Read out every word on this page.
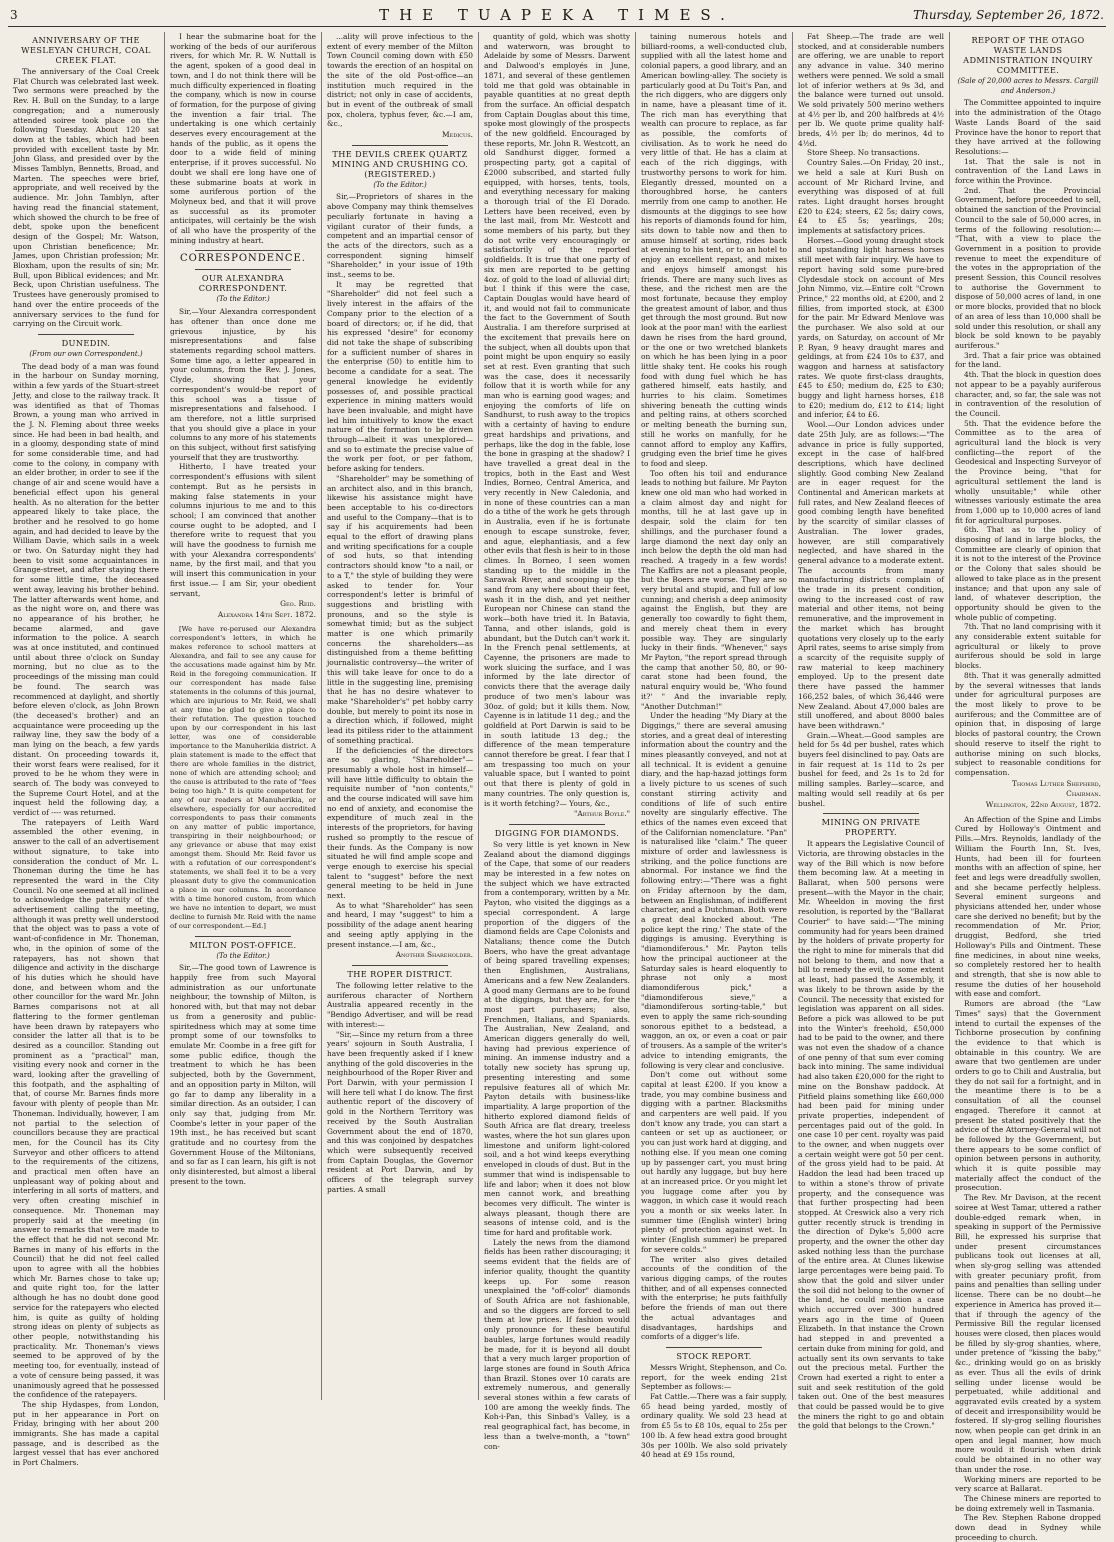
3	THE TUAPEKA TIMES.	Thursday, September 26, 1872.
ANNIVERSARY OF THE WESLEYAN CHURCH, COAL CREEK FLAT.

The anniversary of the Coal Creek Flat Church was celebrated last week. Two sermons were preached by the Rev. H. Bull on the Sunday, to a large congregation; and a numerously attended soiree took place on the following Tuesday. About 120 sat down at the tables, which had been provided with excellent taste by Mr. John Glass, and presided over by the Misses Tamblyn, Bennetts, Broad, and Marten. The speeches were brief, appropriate, and well received by the audience. Mr. John Tamblyn, after having read the financial statement, which showed the church to be free of debt, spoke upon the beneficent design of the Gospel; Mr. Watson, upon Christian beneficence; Mr. James, upon Christian profession; Mr. Bloxham, upon the results of sin; Mr. Bull, upon Biblical evidences; and Mr. Beck, upon Christian usefulness. The Trustees have generously promised to hand over the entire proceeds of the anniversary services to the fund for carrying on the Circuit work.

DUNEDIN.
(From our own Correspondent.)

The dead body of a man was found in the harbour on Sunday morning, within a few yards of the Stuart-street Jetty, and close to the railway track. It was identified as that of Thomas Brown, a young man who arrived in the J. N. Fleming about three weeks since. He had been in bad health, and in a gloomy, desponding state of mind for some considerable time, and had come to the colony, in company with an elder brother, in order to see if the change of air and scene would have a beneficial effect upon his general health. As no alteration for the better appeared likely to take place, the brother and he resolved to go home again, and had decided to leave by the William Davie, which sails in a week or two. On Saturday night they had been to visit some acquaintances in Grange-street, and after staying there for some little time, the deceased went away, leaving his brother behind. The latter afterwards went home, and as the night wore on, and there was no appearance of his brother, he became alarmed, and gave information to the police. A search was at once instituted, and continued until about three o'clock on Sunday morning, but no clue as to the proceedings of the missing man could be found. The search was recommenced at daylight, and shortly before eleven o'clock, as John Brown (the deceased's brother) and an acquaintance were proceeding up the railway line, they saw the body of a man lying on the beach, a few yards distant. On proceeding towards it, their worst fears were realised, for it proved to be he whom they were in search of. The body was conveyed to the Supreme Court Hotel, and at the inquest held the following day, a verdict of ---- was returned.

The ratepayers of Leith Ward assembled the other evening, in answer to the call of an advertisement without signature, to take into consideration the conduct of Mr. L. Thoneman during the time he has represented the ward in the City Council. No one seemed at all inclined to acknowledge the paternity of the advertisement calling the meeting, although it was pretty well understood that the object was to pass a vote of want-of-confidence in Mr. Thoneman, who, in the opinion of some of the ratepayers, has not shown that diligence and activity in the discharge of his duties which he should have done, and between whom and the other councillor for the ward Mr. John Barnes comparisons not at all flattering to the former gentleman have been drawn by ratepayers who consider the latter all that is to be desired as a councillor. Standing out prominent as a "practical" man, visiting every nook and corner in the ward, looking after the gravelling of this footpath, and the asphalting of that, of course Mr. Barnes finds more favour with plenty of people than Mr. Thoneman. Individually, however, I am not partial to the selection of councillors because they are practical men, for the Council has its City Surveyor and other officers to attend to the requirements of the citizens, and practical men often have an unpleasant way of poking about and interfering in all sorts of matters, and very often creating mischief in consequence. Mr. Thoneman may properly said at the meeting (in answer to remarks that were made to the effect that he did not second Mr. Barnes in many of his efforts in the Council) that he did not feel called upon to agree with all the hobbies which Mr. Barnes chose to take up; and quite right too, for the latter although he has no doubt done good service for the ratepayers who elected him, is quite as guilty of holding strong ideas on plenty of subjects as other people, notwithstanding his practicality. Mr. Thoneman's views seemed to be approved of by the meeting too, for eventually, instead of a vote of censure being passed, it was unanimously agreed that he possessed the confidence of the ratepayers.

The ship Hydaspes, from London, put in her appearance in Port on Friday, bringing with her about 200 immigrants. She has made a capital passage, and is described as the largest vessel that has ever anchored in Port Chalmers.

I hear the submarine boat for the working of the beds of our auriferous rivers, for which Mr. R. W. Nuttall is the agent, spoken of a good deal in town, and I do not think there will be much difficulty experienced in floating the company, which is now in course of formation, for the purpose of giving the invention a fair trial. The undertaking is one which certainly deserves every encouragement at the hands of the public, as it opens the door to a wide field of mining enterprise, if it proves successful. No doubt we shall ere long have one of these submarine boats at work in some auriferous portion of the Molyneux bed, and that it will prove as successful as its promoter anticipates, will certainly be the wish of all who have the prosperity of the mining industry at heart.

CORRESPONDENCE.
OUR ALEXANDRA CORRESPONDENT.
(To the Editor.)

Sir,—Your Alexandra correspondent has oftener than once done me grievous injustice, by his misrepresentations and false statements regarding school matters. Some time ago, a letter appeared in your columns, from the Rev. J. Jones, Clyde, showing that your correspondent's would-be report of this school was a tissue of misrepresentations and falsehood. I am therefore, not a little surprised that you should give a place in your columns to any more of his statements on this subject, without first satisfying yourself that they are trustworthy.

Hitherto, I have treated your correspondent's effusions with silent contempt. But as he persists in making false statements in your columns injurious to me and to this school; I am convinced that another course ought to be adopted, and I therefore write to request that you will have the goodness to furnish me with your Alexandra correspondents' name, by the first mail, and that you will insert this communication in your first issue.— I am Sir, your obedient servant,

Geo. Reid.
Alexandra 14th Sept. 1872.

[We have re-perused our Alexandra correspondent's letters, in which he makes reference to school matters at Alexandra, and fail to see any cause for the accusations made against him by Mr. Reid in the foregoing communication. If our correspondent has made false statements in the columns of this journal, which are injurious to Mr. Reid, we shall at any time be glad to give a place to their refutation. The question touched upon by our correspondent in his last letter, was one of considerable importance to the Manuherikia district. A plain statement is made to the effect that there are whole families in the district, none of which are attending school; and the cause is attributed to the rate of "fees being too high." It is quite competent for any of our readers at Manuherikia, or elsewhere, especially for our accredited correspondents to pass their comments on any matter of public importance, transpiring in their neighbourhood; or any grievance or abuse that may exist amongst them. Should Mr. Reid favor us with a refutation of our correspondent's statements, we shall feel it to be a very pleasant duty to give the communication a place in our columns. In accordance with a time honored custom, from which we have no intention to depart, we must decline to furnish Mr. Reid with the name of our correspondent.—Ed.]

MILTON POST-OFFICE.
(To the Editor.)

Sir,—The good town of Lawrence is happily free from such Mayoral administration as our unfortunate neighbour, the township of Milton, is honored with, but that may not debar us from a generosity and public-spiritedness which may at some time prompt some of our townsfolks to emulate Mr. Coombe in a free gift for some public edifice, though the treatment to which he has been subjected, both by the Government, and an opposition party in Milton, will go far to damp any liberality in a similar direction. As an outsider, I can only say that, judging from Mr. Coombe's letter in your paper of the 19th inst., he has received but scant gratitude and no courtesy from the Government House of the Miltonians, and so far as I can learn, his gift is not only disinterested, but almost a liberal present to the town.

...ality will prove infectious to the extent of every member of the Milton Town Council coming down with £50 towards the erection of an hospital on the site of the old Post-office—an institution much required in the district; not only in case of accidents, but in event of the outbreak of small pox, cholera, typhus fever, &c.—I am, &c.,

Medicus.
THE DEVILS CREEK QUARTZ MINING AND CRUSHING CO. (REGISTERED.)
(To the Editor.)

Sir,—Proprietors of shares in the above Company may think themselves peculiarly fortunate in having a vigilant curator of their funds, a competent and an impartial censor of the acts of the directors, such as a correspondent signing himself "Shareholder," in your issue of 19th inst., seems to be.

It may be regretted that "Shareholder" did not feel such a lively interest in the affairs of the Company prior to the election of a board of directors; or, if he did, that his expressed "desire" for economy did not take the shape of subscribing for a sufficient number of shares in the enterprise (50) to entitle him to become a candidate for a seat. The general knowledge he evidently possesses of, and possible practical experience in mining matters would have been invaluable, and might have led him intuitively to know the exact nature of the formation to be driven through—albeit it was unexplored—and so to estimate the precise value of the work per foot, or per fathom, before asking for tenders.

"Shareholder" may be something of an architect also, and in this branch, likewise his assistance might have been acceptable to his co-directors and useful to the Company—that is to say if his acquirements had been equal to the effort of drawing plans and writing specifications for a couple of sod huts, so that intending contractors should know "to a nail, or to a T," the style of building they were asked to tender for. Your correspondent's letter is brimful of suggestions and bristling with pronouns, and so the style is somewhat timid; but as the subject matter is one which primarily concerns the shareholders—as distinguished from a theme befitting journalistic controversy—the writer of this will take leave for once to do a little in the suggesting line, premising that he has no desire whatever to make "Shareholder's" pet hobby carry double, but merely to point its nose in a direction which, if followed, might lead its pitiless rider to the attainment of something practical.

If the deficiencies of the directors are so glaring, "Shareholder"—presumably a whole host in himself—will have little difficulty to obtain the requisite number of "non contents," and the course indicated will save him no end of anxiety, and economise the expenditure of much zeal in the interests of the proprietors, for having rushed so promptly to the rescue of their funds. As the Company is now situated he will find ample scope and verge enough to exercise his special talent to "suggest" before the next general meeting to be held in June next.

As to what "Shareholder" has seen and heard, I may "suggest" to him a possibility of the adage anent hearing and seeing aptly applying in the present instance.—I am, &c.,

Another Shareholder.
THE ROPER DISTRICT.

The following letter relative to the auriferous character of Northern Australia appeared recently in the "Bendigo Advertiser, and will be read with interest:—

"Sir,—Since my return from a three years' sojourn in South Australia, I have been frequently asked if I knew anything of the gold discoveries in the neighbourhood of the Roper River and Port Darwin, with your permission I will here tell what I do know. The first authentic report of the discovery of gold in the Northern Territory was received by the South Australian Government about the end of 1870, and this was conjoined by despatches which were subsequently received from Captain Douglas, the Governor resident at Port Darwin, and by officers of the telegraph survey parties. A small

quantity of gold, which was shotty and waterworn, was brought to Adelaide by some of Messrs. Darwent and Dalwood's employés in June, 1871, and several of these gentlemen told me that gold was obtainable in payable quantities at no great depth from the surface. An official despatch from Captain Douglas about this time, spoke most glowingly of the prospects of the new goldfield. Encouraged by these reports, Mr. John R. Westcott, an old Sandhurst digger, formed a prospecting party, got a capital of £2000 subscribed, and started fully equipped, with horses, tents, tools, and everything necessary for making a thorough trial of the El Dorado. Letters have been received, even by the last mail, from Mr. Westcott and some members of his party, but they do not write very encouragingly or satisfactorily of the reported goldfields. It is true that one party of six men are reported to be getting 4oz. of gold to the load of alluvial dirt; but I think if this were the case, Captain Douglas would have heard of it, and would not fail to communicate the fact to the Government of South Australia. I am therefore surprised at the excitement that prevails here on the subject, when all doubts upon that point might be upon enquiry so easily set at rest. Even granting that such was the case, does it necessarily follow that it is worth while for any man who is earning good wages; and enjoying the comforts of life on Sandhurst, to rush away to the tropics with a certainty of having to endure great hardships and privations, and perhaps, like the dog in the fable, lose the bone in grasping at the shadow? I have travelled a great deal in the tropics, both in the East and West Indies, Borneo, Central America, and very recently in New Caledonia, and in none of these countries can a man do a tithe of the work he gets through in Australia, even if he is fortunate enough to escape sunstroke, fever, and ague, elephantiasis, and a few other evils that flesh is heir to in those climes. In Borneo, I seen women standing up to the middle in the Sarawak River, and scooping up the sand from any where about their feet, wash it in the dish, and yet neither European nor Chinese can stand the work—both have tried it. In Batavia, Tanna, and other islands, gold is abundant, but the Dutch can't work it. In the French penal settlements, at Cayenne, the prisoners are made to work sluicing the surface, and I was informed by the late director of convicts there that the average daily produce of two men's labour was 30oz. of gold; but it kills them. Now, Cayenne is in latitude 11 deg.; and the goldfield at Port Darwin is said to be in south latitude 13 deg.; the difference of the mean temperature cannot therefore be great. I fear that I am trespassing too much on your valuable space, but I wanted to point out that there is plenty of gold in many countries. The only question is, is it worth fetching?— Yours, &c.,

"Arthur Boyle."
DIGGING FOR DIAMONDS.

So very little is yet known in New Zealand about the diamond diggings of the Cape, that some of our readers may be interested in a few notes on the subject which we have extracted from a contemporary, written by a Mr. Payton, who visited the diggings as a special correspondent. A large proportion of the diggers of the diamond fields are Cape Colonists and Natalians; thence come the Dutch Boers, who have the great advantage of being spared travelling expenses; then Englishmen, Australians, Americans and a few New Zealanders. A good many Germans are to be found at the diggings, but they are, for the most part purchasers; also, Frenchmen, Italians, and Spaniards. The Australian, New Zealand, and American diggers generally do well, having had previous experience of mining. An immense industry and a totally new society has sprung up, presenting interesting and some repulsive features all of which Mr. Payton details with business-like impartiality. A large proportion of the hitherto explored diamond fields of South Africa are flat dreary, treeless wastes, where the hot sun glares upon limestone and uniform light-colored soil, and a hot wind keeps everything enveloped in clouds of dust. But in the summer that wind is indispensable to life and labor; when it does not blow men cannot work, and breathing becomes very difficult. The winter is always pleasant, though there are seasons of intense cold, and is the time for hard and profitable work.

Lately the news from the diamond fields has been rather discouraging; it seems evident that the fields are of inferior quality, thought the quantity keeps up. For some reason unexplained the "off-color" diamonds of South Africa are not fashionable, and so the diggers are forced to sell them at low prices. If fashion would only pronounce for these beautiful baubles, large fortunes would readily be made, for it is beyond all doubt that a very much larger proportion of large stones are found in South Africa than Brazil. Stones over 10 carats are extremely numerous, and generally several stones within a few carats of 100 are among the weekly finds. The Koh-i-Pan, this Sinbad's Valley, is a real geographical fact, has become, in less than a twelve-month, a "town" con-

taining numerous hotels and billiard-rooms, a well-conducted club, supplied with all the latest home and colonial papers, a good library, and an American bowling-alley. The society is particularly good at Du Toit's Pan, and the rich diggers, who are diggers only in name, have a pleasant time of it. The rich man has everything that wealth can procure to replace, as far as possible, the comforts of civilisation. As to work he need do very little of that. He has a claim at each of the rich diggings, with trustworthy persons to work for him. Elegantly dressed, mounted on a thoroughbred horse, he canters merrily from one camp to another. He dismounts at the diggings to see how his reports of diamonds found for him, sits down to table now and then to amuse himself at sorting, rides back at evening to his tent, or to an hotel to enjoy an excellent repast, and mixes and enjoys himself amongst his friends. There are many such lives as these, and the richest men are the most fortunate, because they employ the greatest amount of labor, and thus get through the most ground. But now look at the poor man! with the earliest dawn he rises from the hard ground, or the one or two wretched blankets on which he has been lying in a poor little shaky tent. He cooks his rough food with dung fuel which he has gathered himself, eats hastily, and hurries to his claim. Sometimes shivering beneath the cutting winds and pelting rains, at others scorched or melting beneath the burning sun, still he works on manfully, for he cannot afford to employ any Kaffirs, grudging even the brief time he gives to food and sleep.

Too often his toil and endurance leads to nothing but failure. Mr Payton knew one old man who had worked in a claim almost day and night for months, till he at last gave up in despair, sold the claim for ten shillings, and the purchaser found a large diamond the next day only an inch below the depth the old man had reached. A tragedy in a few words! The Kaffirs are not a pleasant people, but the Boers are worse. They are so very brutal and stupid, and full of low cunning; and cherish a deep animosity against the English, but they are generally too cowardly to fight them, and merely cheat them in every possible way. They are singularly lucky in their finds. "Whenever," says Mr Payton, "the report spread through the camp that another 50, 80, or 90-carat stone had been found, the natural enquiry would be, 'Who found it?' " And the invariable reply, "Another Dutchman!"

Under the heading "My Diary at the Diggings," there are several amusing stories, and a great deal of interesting information about the country and the mines pleasantly conveyed, and not at all technical. It is evident a genuine diary, and the hap-hazad jottings form a lively picture to us scenes of such constant stirring activity and conditions of life of such entire novelty are singularly effective. The ethics of the names even exceed that of the Californian nomenclature. "Pan" is naturalised like "claim." The queer mixture of order and lawlessness is striking, and the police functions are abnormal. For instance we find the following entry:—"There was a fight on Friday afternoon by the dam, between an Englishman, of indifferent character, and a Dutchman. Both were a great deal knocked about. 'The police kept the ring.' The state of the diggings is amusing. Everything is "diamondiferous." Mr. Payton tells how the principal auctioneer at the Saturday sales is heard eloquently to phrase not only a most diamondiferous pick," a "diamondiferous sieve," a "diamondiferous sorting-table," but even to apply the same rich-sounding sonorous epithet to a bedstead, a waggon, an ox, or even a coat or pair of trousers. As a sample of the writer's advice to intending emigrants, the following is very clear and conclusive.

Don't come out without some capital at least £200. If you know a trade, you may combine business and digging with a partner. Blacksmiths and carpenters are well paid. If you don't know any trade, you can start a canteen or set up as auctioneer, or you can just work hard at digging, and nothing else. If you mean one coming up by passenger cart, you must bring out hardly any luggage, but buy here at an increased price. Or you might let you luggage come after you by waggon, in which case it would reach you a month or six weeks later. In summer time (English winter) bring plenty of protection against wet. In winter (English summer) be prepared for severe colds."

The writer also gives detailed accounts of the condition of the various digging camps, of the routes thither, and of all expenses connected with the enterprise; he puts faithfully before the friends of man out there the actual advantages and disadvantages, hardships and comforts of a digger's life.

STOCK REPORT.

Messrs Wright, Stephenson, and Co. report, for the week ending 21st September as follows:—

Fat Cattle.—There was a fair supply, 65 head being yarded, mostly of ordinary quality. We sold 23 head at from £5 5s to £8 10s, equal to 25s per 100 lb. A few head extra good brought 30s per 100lb. We also sold privately 40 head at £9 15s round,

Fat Sheep.—The trade are well stocked, and at considerable numbers are offering, we are unable to report any advance in value. 340 merino wethers were penned. We sold a small lot of inferior wethers at 9s 3d, and the balance were turned out unsold. We sold privately 500 merino wethers at 4½ per lb, and 200 halfbreds at 4½ per lb. We quote prime quality half-breds, 4½ per lb; do merinos, 4d to 4½d.

Store Sheep. No transactions.

Country Sales.—On Friday, 20 inst., we held a sale at Kuri Bush on account of Mr Richard Irvine, and everything was disposed of at full rates. Light draught horses brought £20 to £24; steers, £2 5s; dairy cows, £4 to £5 5s; yearlings, 20s; implements at satisfactory prices.

Horses.—Good young draught stock and upstanding light harness horses still meet with fair inquiry. We have to report having sold some pure-bred Clydesdale stock on account of Mrs John Nimmo, viz.—Entire colt "Crown Prince," 22 months old, at £200, and 2 fillies, from imported stock, at £300 for the pair. Mr Edward Menlove was the purchaser. We also sold at our yards, on Saturday, on account of Mr P. Ryan, 9 heavy draught mares and geldings, at from £24 10s to £37, and waggon and harness at satisfactory rates. We quote first-class draughts, £45 to £50; medium do, £25 to £30; buggy and light harness horses, £18 to £20; medium do, £12 to £14; light and inferior, £4 to £6.

Wool.—Our London advices under date 25th July, are as follows:—"The advance in price is fully supported, except in the case of half-bred descriptions, which have declined slightly. Good combing New Zealand are in eager request for the Continental and American markets at full rates, and New Zealand fleeces of good combing length have benefited by the scarcity of similar classes of Australian. The lower grades, however, are still comparatively neglected, and have shared in the general advance to a moderate extent. The accounts from many manufacturing districts complain of the trade in its present condition, owing to the increased cost of raw material and other items, not being remunerative, and the improvement in the market which has brought quotations very closely up to the early April rates, seems to arise simply from a scarcity of the requisite supply of raw material to keep machinery employed. Up to the present date there have passed the hammer 166,252 bales, of which 36,446 were New Zealand. About 47,000 bales are still unoffered, and about 8000 bales have been withdrawn."

Grain.—Wheat.—Good samples are held for 5s 4d per bushel, rates which buyers feel disinclined to pay. Oats are in fair request at 1s 11d to 2s per bushel for feed, and 2s 1s to 2d for milling samples. Barley—scarce, and malting would sell readily at 6s per bushel.

MINING ON PRIVATE PROPERTY.

It appears the Legislative Council of Victoria, are throwing obstacles in the way of the Bill which is now before them becoming law. At a meeting in Ballarat, when 500 persons were present—with the Mayor in the chair, Mr. Wheeldon in moving the first resolution, is reported by the "Ballarat Courier" to have said:—"The mining community had for years been drained by the holders of private property for the right to mine for minerals that did not belong to them, and now that a bill to remedy the evil, to some extent at least, had passed the Assembly, it was likely to be thrown aside by the Council. The necessity that existed for legislation was apparent on all sides. Before a pick was allowed to be put into the Winter's freehold, £50,000 had to be paid to the owner, and there was not even the shadow of a chance of one penny of that sum ever coming back into mining. The same individual had also taken £20,000 for the right to mine on the Bonshaw paddock. At Pitfield plains something like £60,000 had been paid for mining under private properties, independent of percentages paid out of the gold. In one case 10 per cent. royalty was paid to the owner, and when nuggets over a certain weight were got 50 per cent. of the gross yield had to be paid. At Haddon the lead had been traced up to within a stone's throw of private property, and the consequence was that further prospecting had been stopped. At Creswick also a very rich gutter recently struck is trending in the direction of Dyke's 5,000 acre property, and the owner the other day asked nothing less than the purchase of the entire area. At Clunes likewise large percentages were being paid. To show that the gold and silver under the soil did not belong to the owner of the land, he could mention a case which occurred over 300 hundred years ago in the time of Queen Elizabeth. In that instance the Crown had stepped in and prevented a certain duke from mining for gold, and actually sent its own servants to take out the precious metal. Further the Crown had exerted a right to enter a suit and seek restitution of the gold taken out. One of the best measures that could be passed would be to give the miners the right to go and obtain the gold that belongs to the Crown."

REPORT OF THE OTAGO WASTE LANDS ADMINISTRATION INQUIRY COMMITTEE.
(Sale of 20,000 acres to Messrs. Cargill and Anderson.)

The Committee appointed to inquire into the administration of the Otago Waste Lands Board of the said Province have the honor to report that they have arrived at the following Resolutions:—

1st. That the sale is not in contravention of the Land Laws in force within the Province.

2nd. That the Provincial Government, before proceeded to sell, obtained the sanction of the Provincial Council to the sale of 50,000 acres, in terms of the following resolution:— "That, with a view to place the Government in a position to provide revenue to meet the expenditure of the votes in the appropriation of the present Session, this Council resolves to authorise the Government to dispose of 50,000 acres of land, in one or more blocks, provided that no block of an area of less than 10,000 shall be sold under this resolution, or shall any block be sold known to be payably auriferous."

3rd. That a fair price was obtained for the land.

4th. That the block in question does not appear to be a payably auriferous character, and, so far, the sale was not in contravention of the resolution of the Council.

5th. That the evidence before the Committee as to the area of agricultural land the block is very conflicting—the report of the Geodesical and Inspecting Surveyor of the Province being, "that for agricultural settlement the land is wholly unsuitable;" while other witnesses variously estimate the area from 1,000 up to 10,000 acres of land fit for agricultural purposes.

6th. That as to the policy of disposing of land in large blocks, the Committee are clearly of opinion that it is not to the interest of the Province or the Colony that sales should be allowed to take place as in the present instance; and that upon any sale of land, of whatever description, the opportunity should be given to the whole public of competing.

7th. That no land comprising with it any considerable extent suitable for agricultural or likely to prove auriferous should be sold in large blocks.

8th. That it was generally admitted by the several witnesses that lands under for agricultural purposes are the most likely to prove to be auriferous; and the Committee are of opinion that, in disposing of large blocks of pastoral country, the Crown should reserve to itself the right to authorise mining on such blocks, subject to reasonable conditions for compensation.

Thomas Luther Shepherd,
Chairman.
Wellington, 22nd August, 1872.

An Affection of the Spine and Limbs Cured by Holloway's Ointment and Pills.—Mrs. Reynolds, landlady of the William the Fourth Inn, St. Ives, Hunts, had been ill for fourteen months with an affection of spine, her feet and legs were dreadfully swollen, and she became perfectly helpless. Several eminent surgeons and physicians attended her, under whose care she derived no benefit; but by the recommendation of Mr. Prior, druggist, Bedford, she tried Holloway's Pills and Ointment. These fine medicines, in about nine weeks, so completely restored her to health and strength, that she is now able to resume the duties of her household with ease and comfort.

Rumors are abroad (the "Law Times" says) that the Government intend to curtail the expenses of the Tichborne prosecution by confining the evidence to that which is obtainable in this country. We are aware that two gentlemen are under orders to go to Chili and Australia, but they do not sail for a fortnight, and in the meantime there is to be a consultation of all the counsel engaged. Therefore it cannot at present be stated positively that the advice of the Attorney-General will not be followed by the Government, but there appears to be some conflict of opinion between persons in authority, which it is quite possible may materially affect the conduct of the prosecution.

The Rev. Mr Davison, at the recent soiree at West Tamar, uttered a rather double-edged remark when, in speaking in support of the Permissive Bill, he expressed his surprise that under present circumstances publicans took out licenses at all, when sly-grog selling was attended with greater pecuniary profit, from pains and penalties than selling under license. There can be no doubt—he experience in America has proved it—that if through the agency of the Permissive Bill the regular licensed houses were closed, then places would be filled by sly-grog shanties, where, under pretence of "kissing the baby," &c., drinking would go on as briskly as ever. Thus all the evils of drink selling under license would be perpetuated, while additional and aggravated evils created by a system of deceit and irresponsibility would be fostered. If sly-grog selling flourishes now, when people can get drink in an open and legal manner, how much more would it flourish when drink could be obtained in no other way than under the rose.

Working miners are reported to be very scarce at Ballarat.

The Chinese miners are reported to be doing extremely well in Tasmania.

The Rev. Stephen Rabone dropped down dead in Sydney while proceeding to church.
